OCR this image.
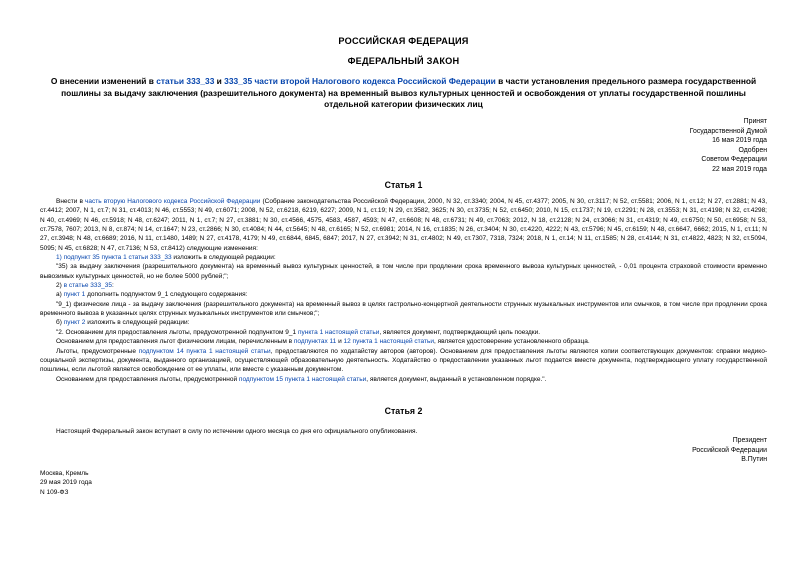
РОССИЙСКАЯ ФЕДЕРАЦИЯ
ФЕДЕРАЛЬНЫЙ ЗАКОН
О внесении изменений в статьи 333_33 и 333_35 части второй Налогового кодекса Российской Федерации в части установления предельного размера государственной пошлины за выдачу заключения (разрешительного документа) на временный вывоз культурных ценностей и освобождения от уплаты государственной пошлины отдельной категории физических лиц
Принят
Государственной Думой
16 мая 2019 года
Одобрен
Советом Федерации
22 мая 2019 года
Статья 1

Внести в часть вторую Налогового кодекса Российской Федерации (Собрание законодательства Российской Федерации, 2000, N 32, ст.3340; 2004, N 45, ст.4377; 2005, N 30, ст.3117; N 52, ст.5581; 2006, N 1, ст.12; N 27, ст.2881; N 43, ст.4412; 2007, N 1, ст.7; N 31, ст.4013; N 46, ст.5553; N 49, ст.6071; 2008, N 52, ст.6218, 6219, 6227; 2009, N 1, ст.19; N 29, ст.3582, 3625; N 30, ст.3735; N 52, ст.6450; 2010, N 15, ст.1737; N 19, ст.2291; N 28, ст.3553; N 31, ст.4198; N 32, ст.4298; N 40, ст.4969; N 46, ст.5918; N 48, ст.6247; 2011, N 1, ст.7; N 27, ст.3881; N 30, ст.4566, 4575, 4583, 4587, 4593; N 47, ст.6608; N 48, ст.6731; N 49, ст.7063; 2012, N 18, ст.2128; N 24, ст.3066; N 31, ст.4319; N 49, ст.6750; N 50, ст.6958; N 53, ст.7578, 7607; 2013, N 8, ст.874; N 14, ст.1647; N 23, ст.2866; N 30, ст.4084; N 44, ст.5645; N 48, ст.6165; N 52, ст.6981; 2014, N 16, ст.1835; N 26, ст.3404; N 30, ст.4220, 4222; N 43, ст.5796; N 45, ст.6159; N 48, ст.6647, 6662; 2015, N 1, ст.11; N 27, ст.3948; N 48, ст.6689; 2016, N 11, ст.1480, 1489; N 27, ст.4178, 4179; N 49, ст.6844, 6845, 6847; 2017, N 27, ст.3942; N 31, ст.4802; N 49, ст.7307, 7318, 7324; 2018, N 1, ст.14; N 11, ст.1585; N 28, ст.4144; N 31, ст.4822, 4823; N 32, ст.5094, 5095; N 45, ст.6828; N 47, ст.7136; N 53, ст.8412) следующие изменения:

1) подпункт 35 пункта 1 статьи 333_33 изложить в следующей редакции:

"35) за выдачу заключения (разрешительного документа) на временный вывоз культурных ценностей, в том числе при продлении срока временного вывоза культурных ценностей, - 0,01 процента страховой стоимости временно вывозимых культурных ценностей, но не более 5000 рублей;";

2) в статье 333_35:

а) пункт 1 дополнить подпунктом 9_1 следующего содержания:

"9_1) физические лица - за выдачу заключения (разрешительного документа) на временный вывоз в целях гастрольно-концертной деятельности струнных музыкальных инструментов или смычков, в том числе при продлении срока временного вывоза в указанных целях струнных музыкальных инструментов или смычков;";

б) пункт 2 изложить в следующей редакции:

"2. Основанием для предоставления льготы, предусмотренной подпунктом 9_1 пункта 1 настоящей статьи, является документ, подтверждающий цель поездки.

Основанием для предоставления льгот физическим лицам, перечисленным в подпунктах 11 и 12 пункта 1 настоящей статьи, является удостоверение установленного образца.

Льготы, предусмотренные подпунктом 14 пункта 1 настоящей статьи, предоставляются по ходатайству авторов (авторов). Основанием для предоставления льготы являются копии соответствующих документов: справки медико-социальной экспертизы, документа, выданного организацией, осуществляющей образовательную деятельность. Ходатайство о предоставлении указанных льгот подается вместе документа, подтверждающего уплату государственной пошлины, если льготой является освобождение от ее уплаты, или вместе с указанным документом.

Основанием для предоставления льготы, предусмотренной подпунктом 15 пункта 1 настоящей статьи, является документ, выданный в установленном порядке.".

Статья 2

Настоящий Федеральный закон вступает в силу по истечении одного месяца со дня его официального опубликования.

Президент
Российской Федерации
В.Путин
Москва, Кремль
29 мая 2019 года
N 109-ФЗ
